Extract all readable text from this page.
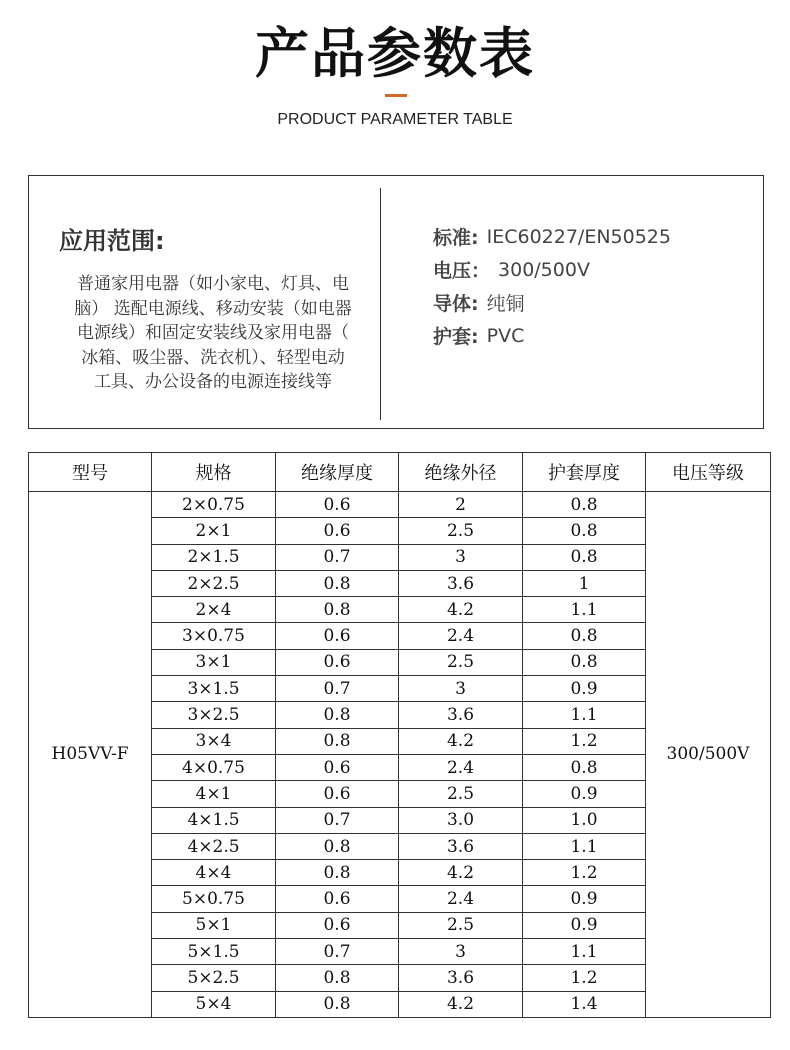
产品参数表
PRODUCT PARAMETER TABLE
应用范围:
普通家用电器（如小家电、灯具、电
脑） 选配电源线、移动安装（如电器
电源线）和固定安装线及家用电器（
冰箱、吸尘器、洗衣机）、轻型电动
工具、办公设备的电源连接线等
标准: IEC60227/EN50525
电压： 300/500V
导体: 纯铜
护套: PVC
型号	规格	绝缘厚度	绝缘外径	护套厚度	电压等级
H05VV-F	2×0.75	0.6	2	0.8	300/500V
	2×1	0.6	2.5	0.8	
	2×1.5	0.7	3	0.8	
	2×2.5	0.8	3.6	1	
	2×4	0.8	4.2	1.1	
	3×0.75	0.6	2.4	0.8	
	3×1	0.6	2.5	0.8	
	3×1.5	0.7	3	0.9	
	3×2.5	0.8	3.6	1.1	
	3×4	0.8	4.2	1.2	
	4×0.75	0.6	2.4	0.8	
	4×1	0.6	2.5	0.9	
	4×1.5	0.7	3.0	1.0	
	4×2.5	0.8	3.6	1.1	
	4×4	0.8	4.2	1.2	
	5×0.75	0.6	2.4	0.9	
	5×1	0.6	2.5	0.9	
	5×1.5	0.7	3	1.1	
	5×2.5	0.8	3.6	1.2	
	5×4	0.8	4.2	1.4	
